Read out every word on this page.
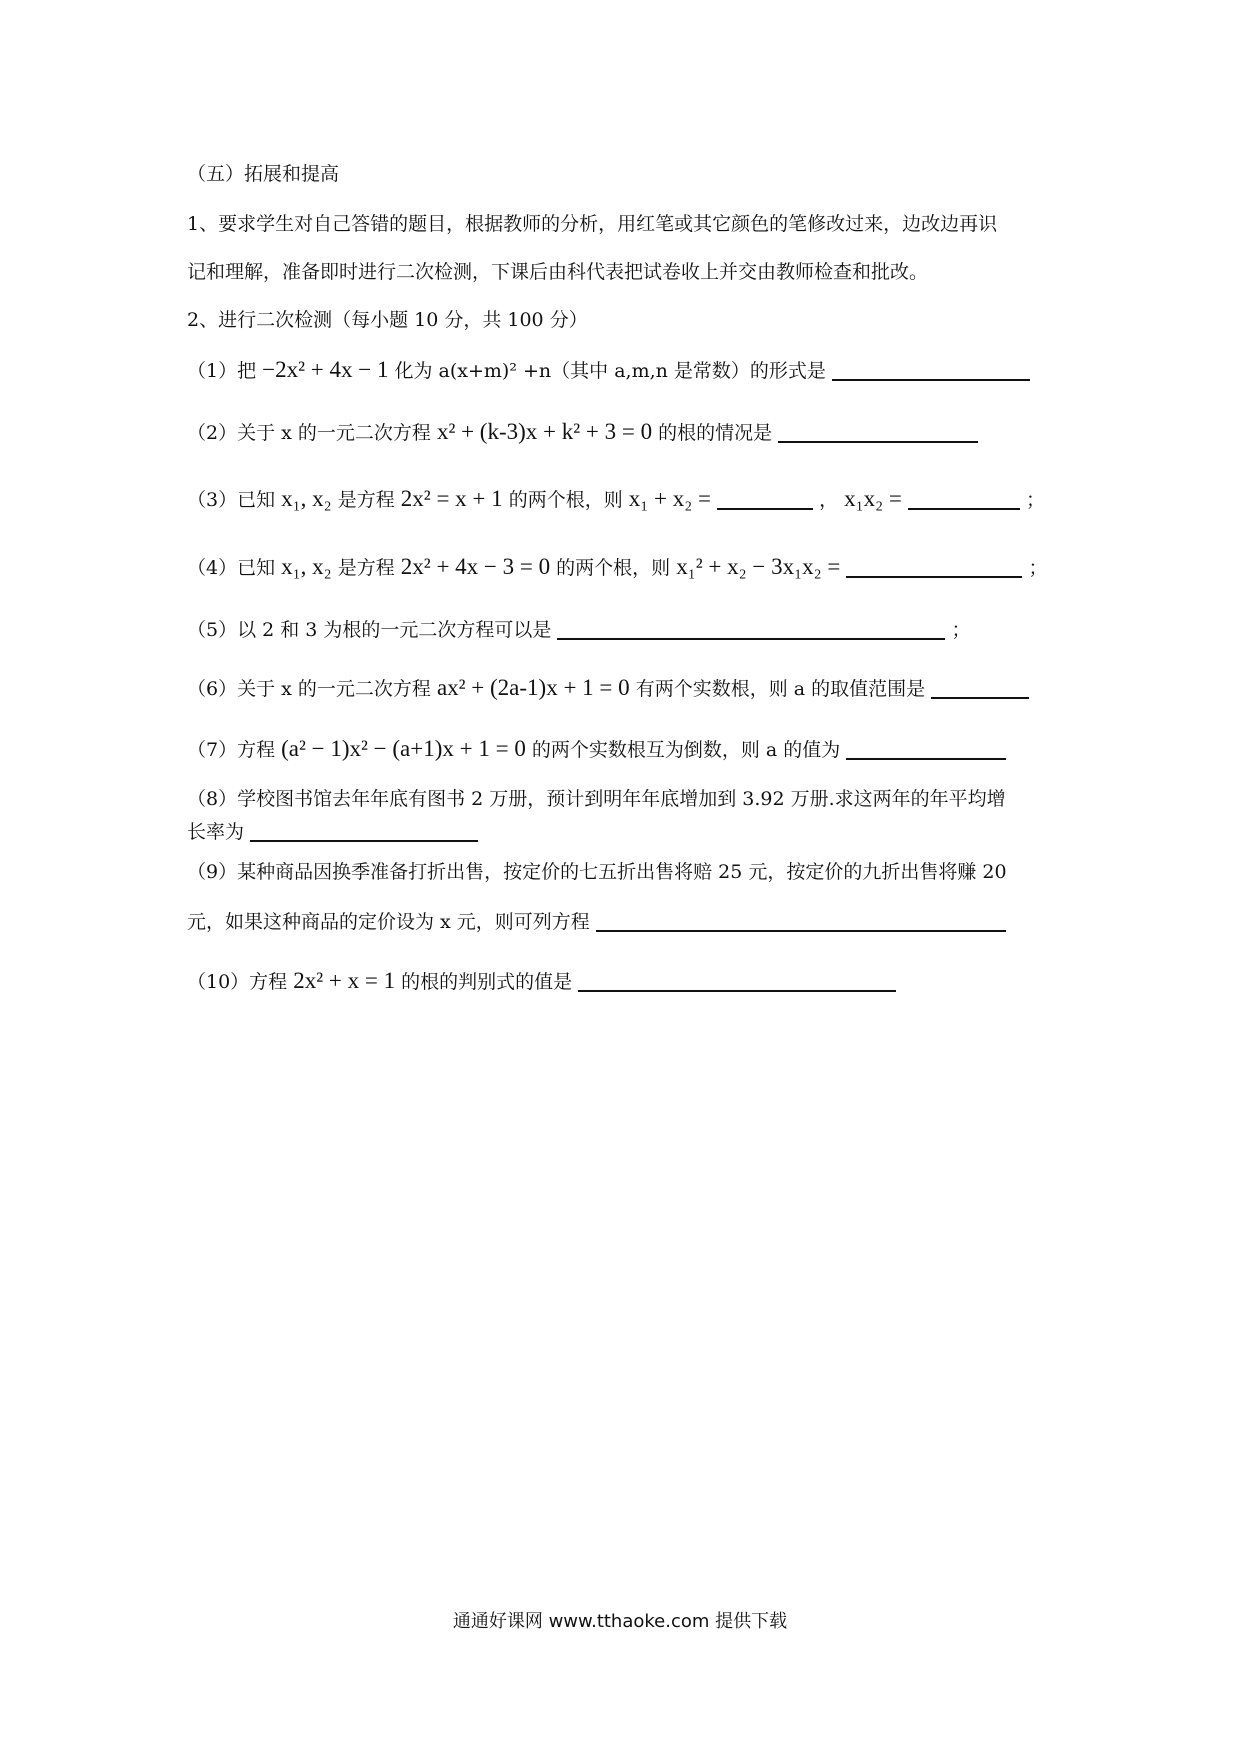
（五）拓展和提高
1、要求学生对自己答错的题目，根据教师的分析，用红笔或其它颜色的笔修改过来，边改边再识
记和理解，准备即时进行二次检测，下课后由科代表把试卷收上并交由教师检查和批改。
2、进行二次检测（每小题 10 分，共 100 分）
（1）把 −2x² + 4x − 1 化为 a(x+m)² +n（其中 a,m,n 是常数）的形式是
（2）关于 x 的一元二次方程 x² + (k-3)x + k² + 3 = 0 的根的情况是
（3）已知 x₁, x₂ 是方程 2x² = x + 1 的两个根，则 x₁ + x₂ =	， x₁x₂ =	；
（4）已知 x₁, x₂ 是方程 2x² + 4x − 3 = 0 的两个根，则 x₁² + x₂ − 3x₁x₂ =	；
（5）以 2 和 3 为根的一元二次方程可以是	；
（6）关于 x 的一元二次方程 ax² + (2a-1)x + 1 = 0 有两个实数根，则 a 的取值范围是
（7）方程 (a² − 1)x² − (a+1)x + 1 = 0 的两个实数根互为倒数，则 a 的值为
（8）学校图书馆去年年底有图书 2 万册，预计到明年年底增加到 3.92 万册.求这两年的年平均增
长率为
（9）某种商品因换季准备打折出售，按定价的七五折出售将赔 25 元，按定价的九折出售将赚 20
元，如果这种商品的定价设为 x 元，则可列方程
（10）方程 2x² + x = 1 的根的判别式的值是
通通好课网 www.tthaoke.com 提供下载
